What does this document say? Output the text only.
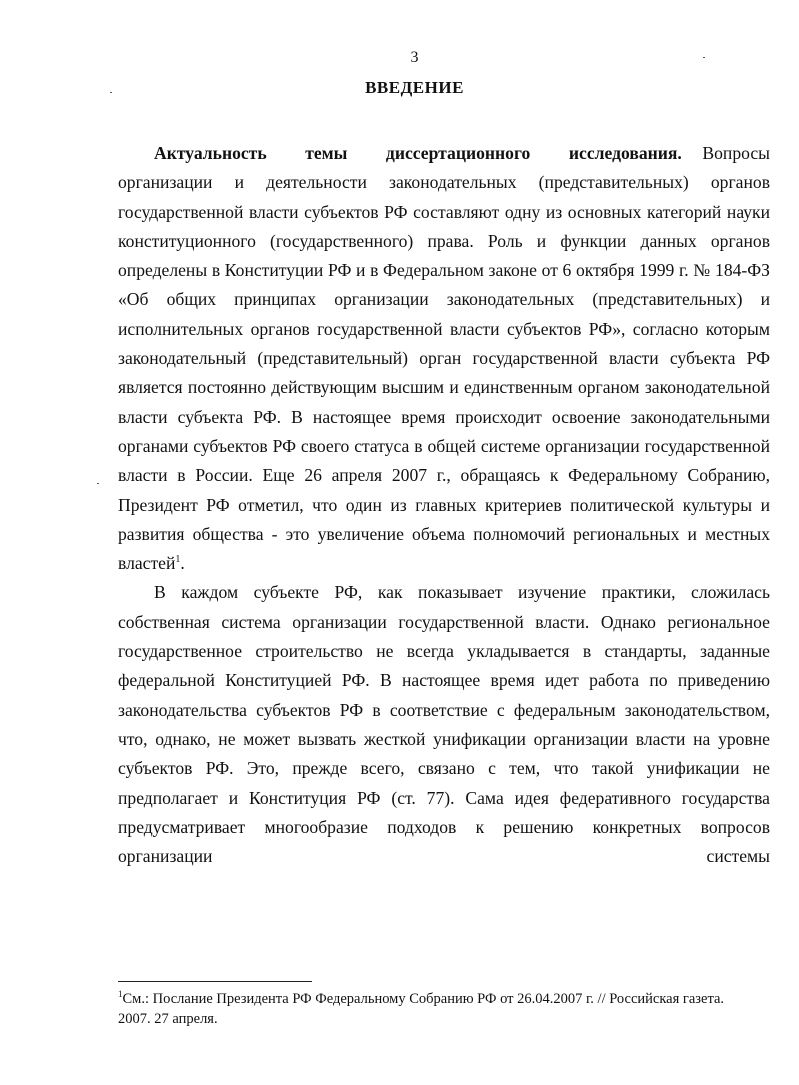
3
ВВЕДЕНИЕ

Актуальность темы диссертационного исследования. Вопросы организации и деятельности законодательных (представительных) органов государственной власти субъектов РФ составляют одну из основных категорий науки конституционного (государственного) права. Роль и функции данных органов определены в Конституции РФ и в Федеральном законе от 6 октября 1999 г. № 184-ФЗ «Об общих принципах организации законодательных (представительных) и исполнительных органов государственной власти субъектов РФ», согласно которым законодательный (представительный) орган государственной власти субъекта РФ является постоянно действующим высшим и единственным органом законодательной власти субъекта РФ. В настоящее время происходит освоение законодательными органами субъектов РФ своего статуса в общей системе организации государственной власти в России. Еще 26 апреля 2007 г., обращаясь к Федеральному Собранию, Президент РФ отметил, что один из главных критериев политической культуры и развития общества - это увеличение объема полномочий региональных и местных властей$^1$.

В каждом субъекте РФ, как показывает изучение практики, сложилась собственная система организации государственной власти. Однако региональное государственное строительство не всегда укладывается в стандарты, заданные федеральной Конституцией РФ. В настоящее время идет работа по приведению законодательства субъектов РФ в соответствие с федеральным законодательством, что, однако, не может вызвать жесткой унификации организации власти на уровне субъектов РФ. Это, прежде всего, связано с тем, что такой унификации не предполагает и Конституция РФ (ст. 77). Сама идея федеративного государства предусматривает многообразие подходов к решению конкретных вопросов организации системы

$^1$См.: Послание Президента РФ Федеральному Собранию РФ от 26.04.2007 г. // Российская газета. 2007. 27 апреля.
